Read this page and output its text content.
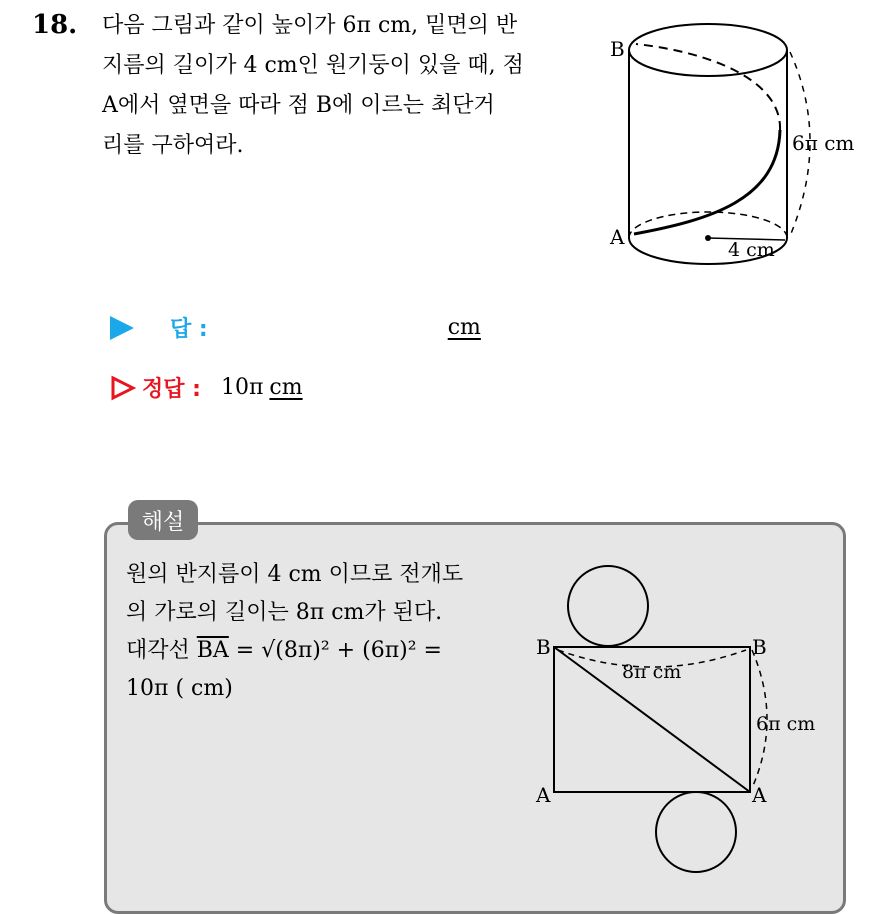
18. 다음 그림과 같이 높이가 6π cm, 밑면의 반
지름의 길이가 4 cm인 원기둥이 있을 때, 점
A에서 옆면을 따라 점 B에 이르는 최단거
리를 구하여라.
B
A
6π cm
4 cm
답 :	cm
정답 : 10π cm
해설
원의 반지름이 4 cm 이므로 전개도
의 가로의 길이는 8π cm가 된다.
대각선 $\overline{BA} = √(8\pi)^2 + (6\pi)^2$ =
10π ( cm)
B	B
A	A
8π cm
6π cm
